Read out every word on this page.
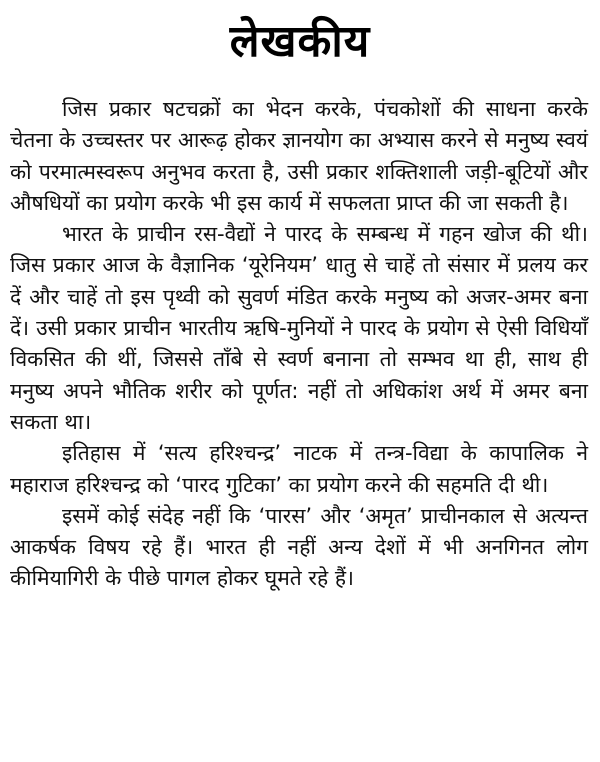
लेखकीय

जिस प्रकार षटचक्रों का भेदन करके, पंचकोशों की साधना करके चेतना के उच्चस्तर पर आरूढ़ होकर ज्ञानयोग का अभ्यास करने से मनुष्य स्वयं को परमात्मस्वरूप अनुभव करता है, उसी प्रकार शक्तिशाली जड़ी-बूटियों और औषधियों का प्रयोग करके भी इस कार्य में सफलता प्राप्त की जा सकती है।

भारत के प्राचीन रस-वैद्यों ने पारद के सम्बन्ध में गहन खोज की थी। जिस प्रकार आज के वैज्ञानिक ‘यूरेनियम’ धातु से चाहें तो संसार में प्रलय कर दें और चाहें तो इस पृथ्वी को सुवर्ण मंडित करके मनुष्य को अजर-अमर बना दें। उसी प्रकार प्राचीन भारतीय ऋषि-मुनियों ने पारद के प्रयोग से ऐसी विधियाँ विकसित की थीं, जिससे ताँबे से स्वर्ण बनाना तो सम्भव था ही, साथ ही मनुष्य अपने भौतिक शरीर को पूर्णत: नहीं तो अधिकांश अर्थ में अमर बना सकता था।

इतिहास में ‘सत्य हरिश्चन्द्र’ नाटक में तन्त्र-विद्या के कापालिक ने महाराज हरिश्चन्द्र को ‘पारद गुटिका’ का प्रयोग करने की सहमति दी थी।

इसमें कोई संदेह नहीं कि ‘पारस’ और ‘अमृत’ प्राचीनकाल से अत्यन्त आकर्षक विषय रहे हैं। भारत ही नहीं अन्य देशों में भी अनगिनत लोग कीमियागिरी के पीछे पागल होकर घूमते रहे हैं।
